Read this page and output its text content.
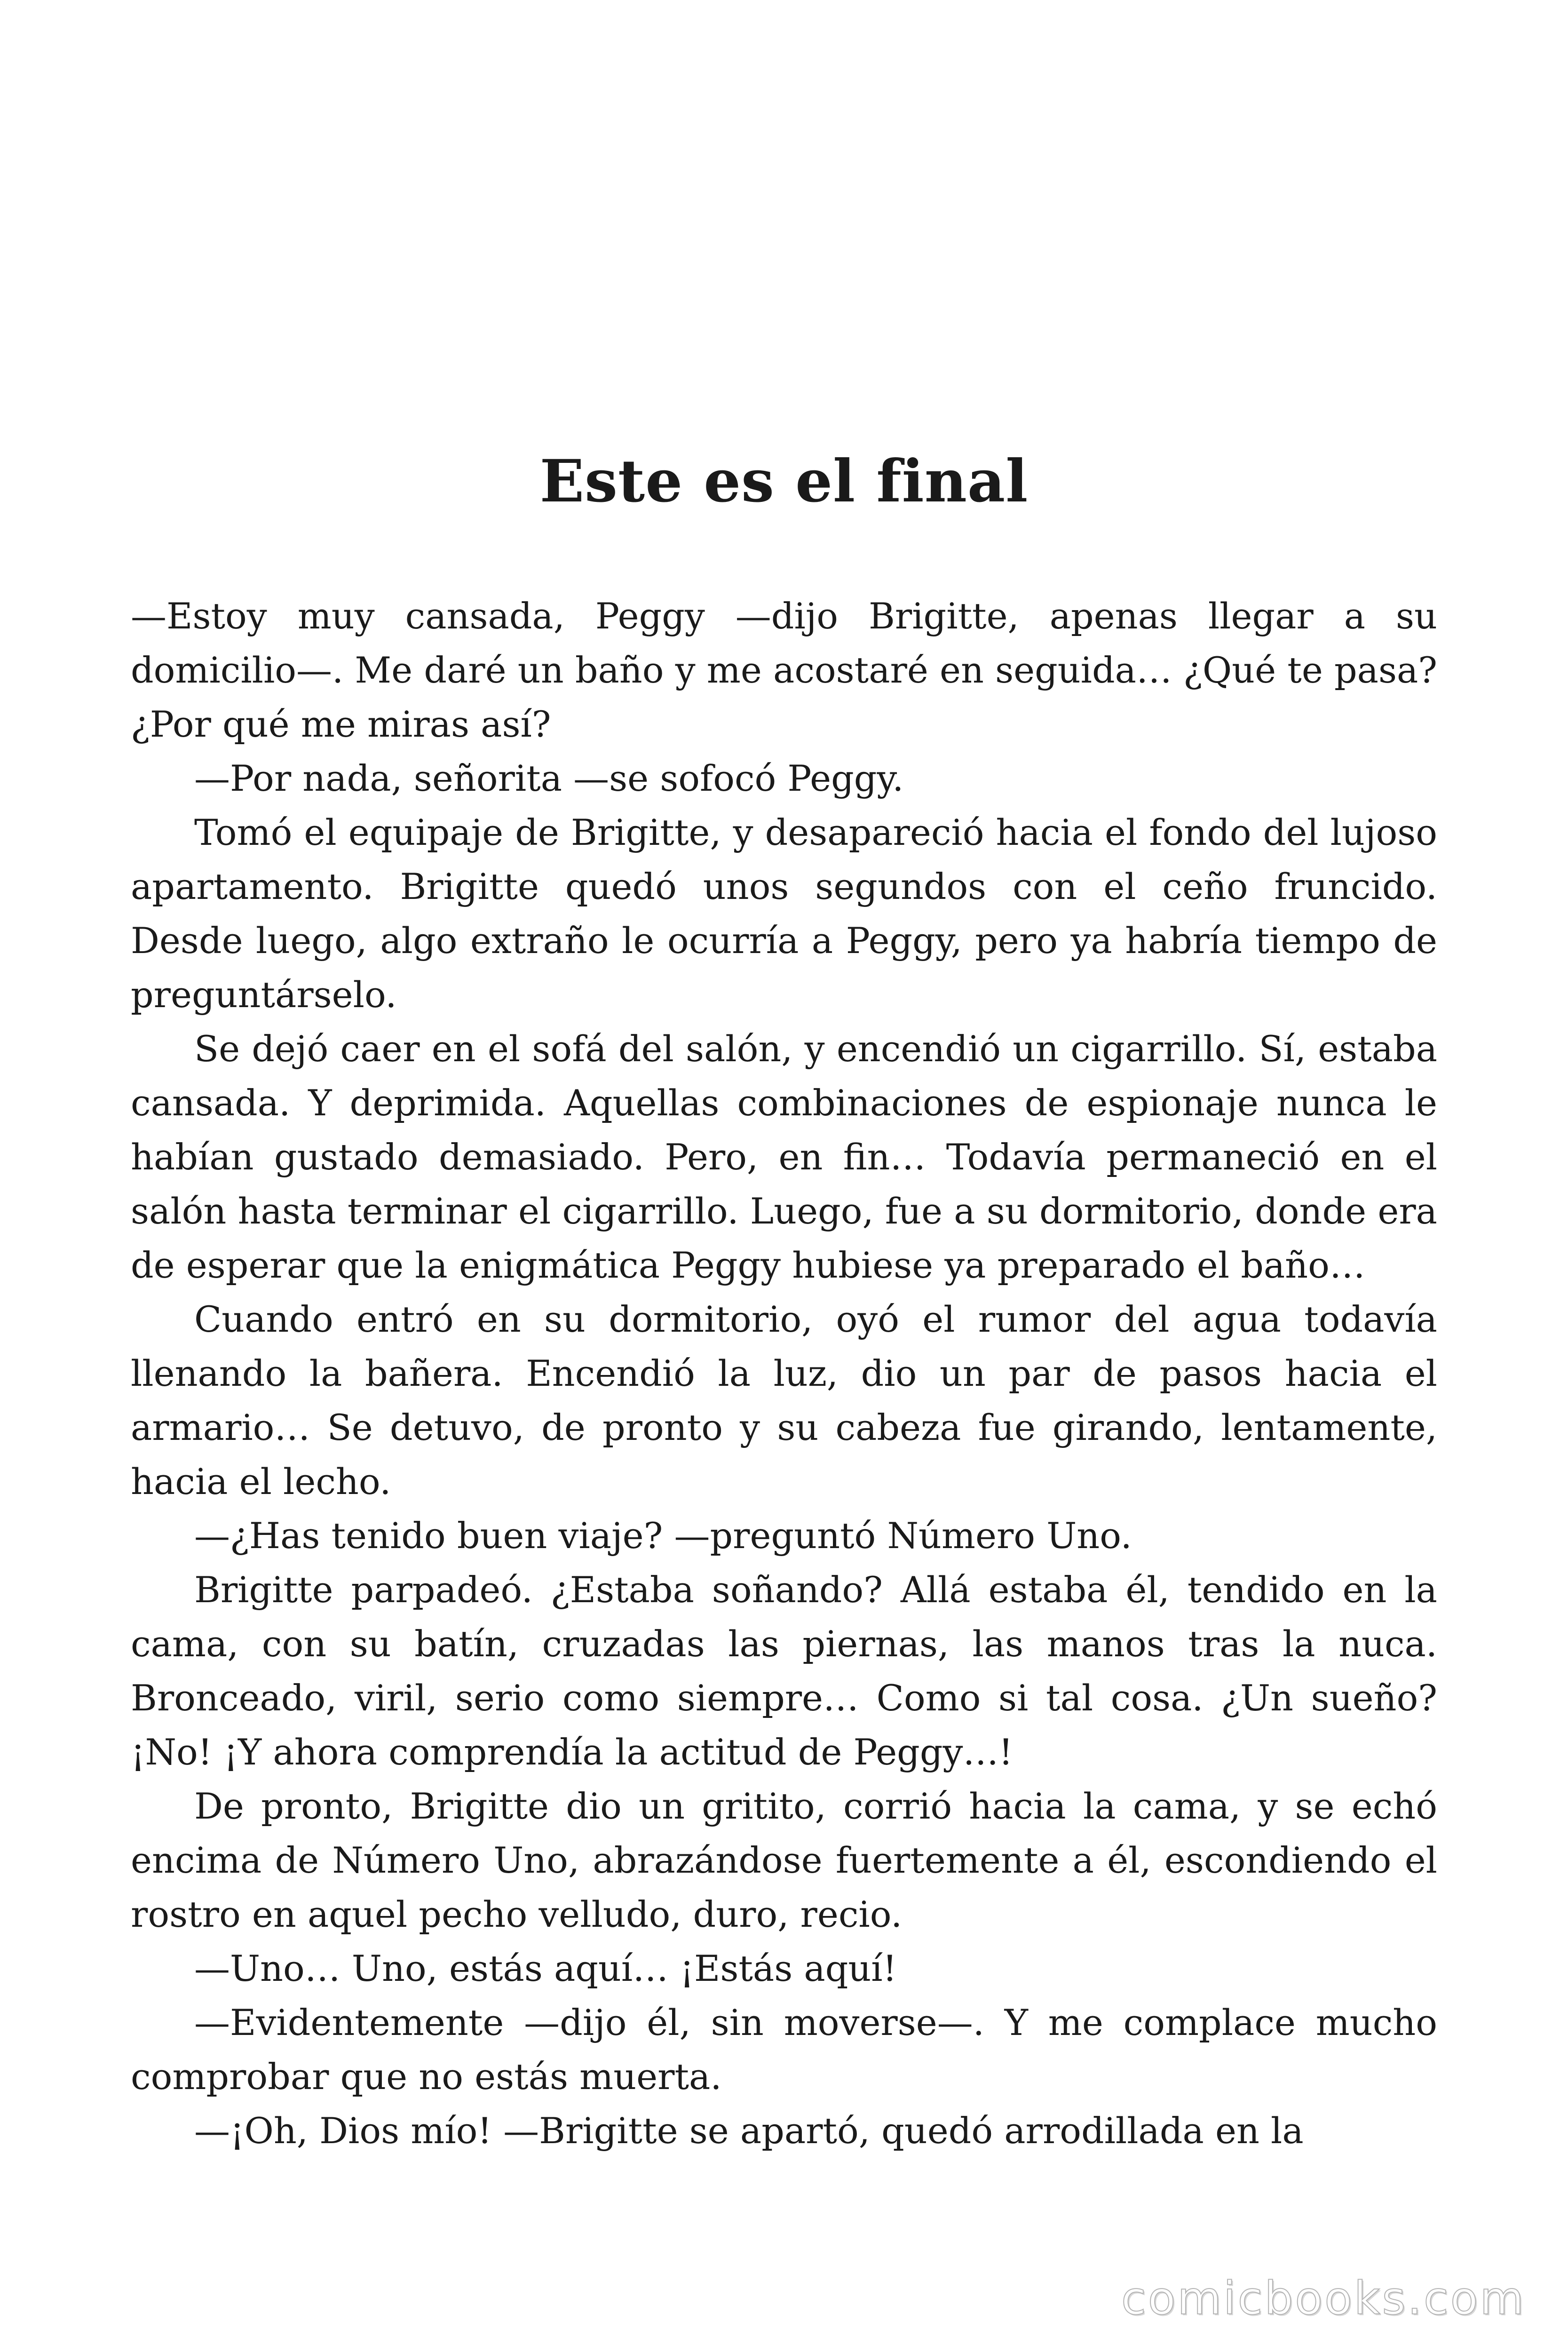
Este es el final

—Estoy muy cansada, Peggy —dijo Brigitte, apenas llegar a su domicilio—. Me daré un baño y me acostaré en seguida… ¿Qué te pasa? ¿Por qué me miras así?

—Por nada, señorita —se sofocó Peggy.

Tomó el equipaje de Brigitte, y desapareció hacia el fondo del lujoso apartamento. Brigitte quedó unos segundos con el ceño fruncido. Desde luego, algo extraño le ocurría a Peggy, pero ya habría tiempo de preguntárselo.

Se dejó caer en el sofá del salón, y encendió un cigarrillo. Sí, estaba cansada. Y deprimida. Aquellas combinaciones de espionaje nunca le habían gustado demasiado. Pero, en fin… Todavía permaneció en el salón hasta terminar el cigarrillo. Luego, fue a su dormitorio, donde era de esperar que la enigmática Peggy hubiese ya preparado el baño…

Cuando entró en su dormitorio, oyó el rumor del agua todavía llenando la bañera. Encendió la luz, dio un par de pasos hacia el armario… Se detuvo, de pronto y su cabeza fue girando, lentamente, hacia el lecho.

—¿Has tenido buen viaje? —preguntó Número Uno.

Brigitte parpadeó. ¿Estaba soñando? Allá estaba él, tendido en la cama, con su batín, cruzadas las piernas, las manos tras la nuca. Bronceado, viril, serio como siempre… Como si tal cosa. ¿Un sueño? ¡No! ¡Y ahora comprendía la actitud de Peggy…!

De pronto, Brigitte dio un gritito, corrió hacia la cama, y se echó encima de Número Uno, abrazándose fuertemente a él, escondiendo el rostro en aquel pecho velludo, duro, recio.

—Uno… Uno, estás aquí… ¡Estás aquí!

—Evidentemente —dijo él, sin moverse—. Y me complace mucho comprobar que no estás muerta.

—¡Oh, Dios mío! —Brigitte se apartó, quedó arrodillada en la

comicbooks.com
